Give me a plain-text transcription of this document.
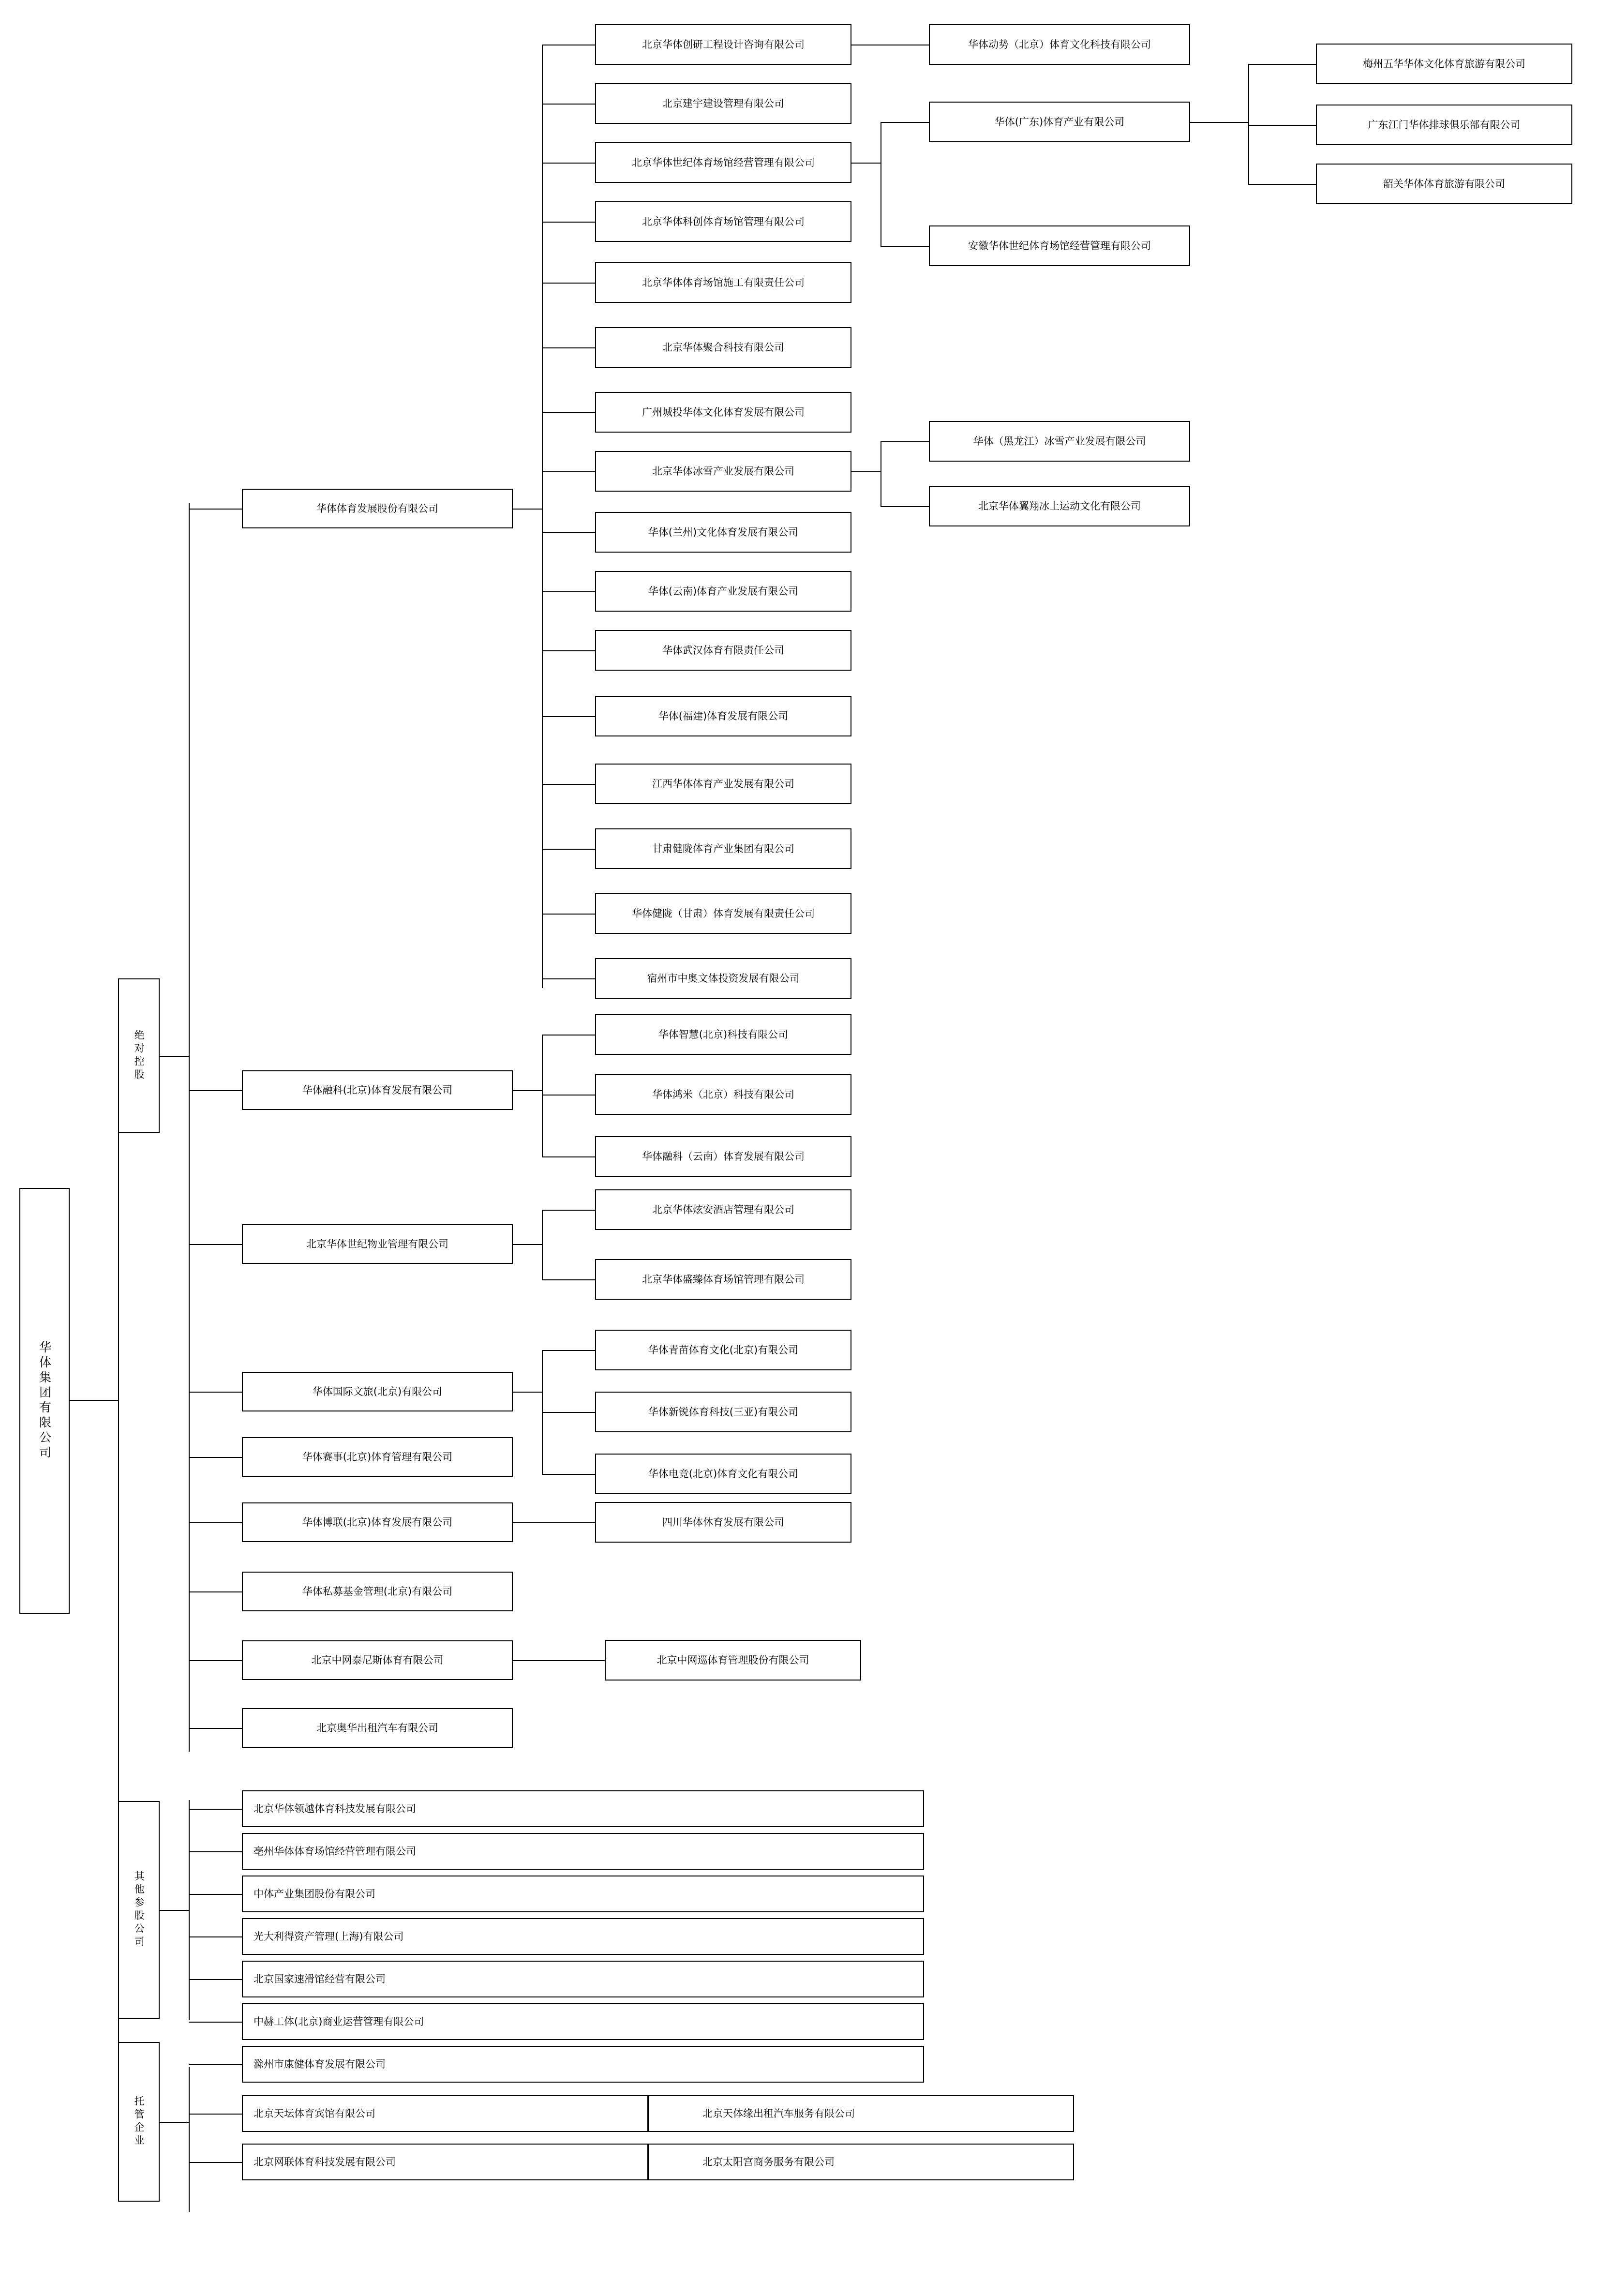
华体集团有限公司
绝对控股
其他参股公司
托管企业
华体体育发展股份有限公司
华体融科(北京)体育发展有限公司
北京华体世纪物业管理有限公司
华体国际文旅(北京)有限公司
华体赛事(北京)体育管理有限公司
华体博联(北京)体育发展有限公司
华体私募基金管理(北京)有限公司
北京中网泰尼斯体育有限公司
北京奥华出租汽车有限公司
北京华体创研工程设计咨询有限公司
北京建宇建设管理有限公司
北京华体世纪体育场馆经营管理有限公司
北京华体科创体育场馆管理有限公司
北京华体体育场馆施工有限责任公司
北京华体聚合科技有限公司
广州城投华体文化体育发展有限公司
北京华体冰雪产业发展有限公司
华体(兰州)文化体育发展有限公司
华体(云南)体育产业发展有限公司
华体武汉体育有限责任公司
华体(福建)体育发展有限公司
江西华体体育产业发展有限公司
甘肃健陇体育产业集团有限公司
华体健陇（甘肃）体育发展有限责任公司
宿州市中奥文体投资发展有限公司
华体动势（北京）体育文化科技有限公司
华体(广东)体育产业有限公司
安徽华体世纪体育场馆经营管理有限公司
梅州五华华体文化体育旅游有限公司
广东江门华体排球俱乐部有限公司
韶关华体体育旅游有限公司
华体（黑龙江）冰雪产业发展有限公司
北京华体翼翔冰上运动文化有限公司
华体智慧(北京)科技有限公司
华体鸿米（北京）科技有限公司
华体融科（云南）体育发展有限公司
北京华体炫安酒店管理有限公司
北京华体盛臻体育场馆管理有限公司
华体青苗体育文化(北京)有限公司
华体新锐体育科技(三亚)有限公司
华体电竞(北京)体育文化有限公司
四川华体休育发展有限公司
北京中网巡体育管理股份有限公司
北京华体领越体育科技发展有限公司
亳州华体体育场馆经营管理有限公司
中体产业集团股份有限公司
光大利得资产管理(上海)有限公司
北京国家速滑馆经营有限公司
中赫工体(北京)商业运营管理有限公司
滁州市康健体育发展有限公司
北京天坛体育宾馆有限公司
北京网联体育科技发展有限公司
北京天体缘出租汽车服务有限公司
北京太阳宫商务服务有限公司
